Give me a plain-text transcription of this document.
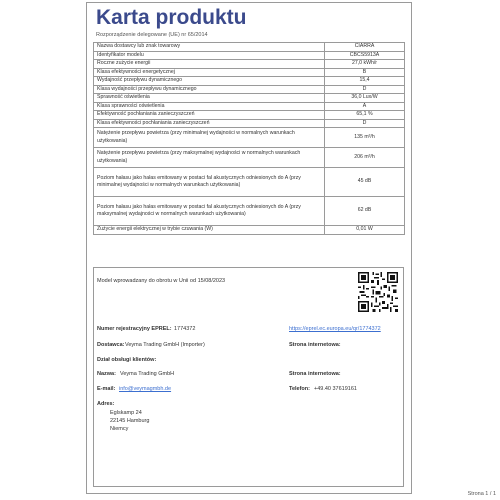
Karta produktu
Rozporządzenie delegowane (UE) nr 65/2014
Nazwa dostawcy lub znak towarowy	CIARRA
Identyfikator modelu	CBCS5913A
Roczne zużycie energii	27,0 kWh/r
Klasa efektywności energetycznej	B
Wydajność przepływu dynamicznego	15,4
Klasa wydajności przepływu dynamicznego	D
Sprawność oświetlenia	36,0 Lux/W
Klasa sprawności oświetlenia	A
Efektywność pochłaniania zanieczyszczeń	65,1 %
Klasa efektywności pochłaniania zanieczyszczeń	D
Natężenie przepływu powietrza (przy minimalnej wydajności w normalnych warunkach użytkowania)	135 m³/h
Natężenie przepływu powietrza (przy maksymalnej wydajności w normalnych warunkach użytkowania)	206 m³/h
Poziom hałasu jako hałas emitowany w postaci fal akustycznych odniesionych do A (przy minimalnej wydajności w normalnych warunkach użytkowania)	45 dB
Poziom hałasu jako hałas emitowany w postaci fal akustycznych odniesionych do A (przy maksymalnej wydajności w normalnych warunkach użytkowania)	62 dB
Zużycie energii elektrycznej w trybie czuwania (W)	0,01 W
Model wprowadzany do obrotu w Unii od 15/08/2023
Numer rejestracyjny EPREL: 1774372	https://eprel.ec.europa.eu/qr/1774372
Dostawca: Veyma Trading GmbH (Importer)	Strona internetowa:
Dział obsługi klientów:
Nazwa: Veyma Trading GmbH	Strona internetowa:
E-mail: info@veymagmbh.de	Telefon: +49.40 37619161
Adres:
Eglskamp 24
22145 Hamburg
Niemcy
Strona 1 / 1
